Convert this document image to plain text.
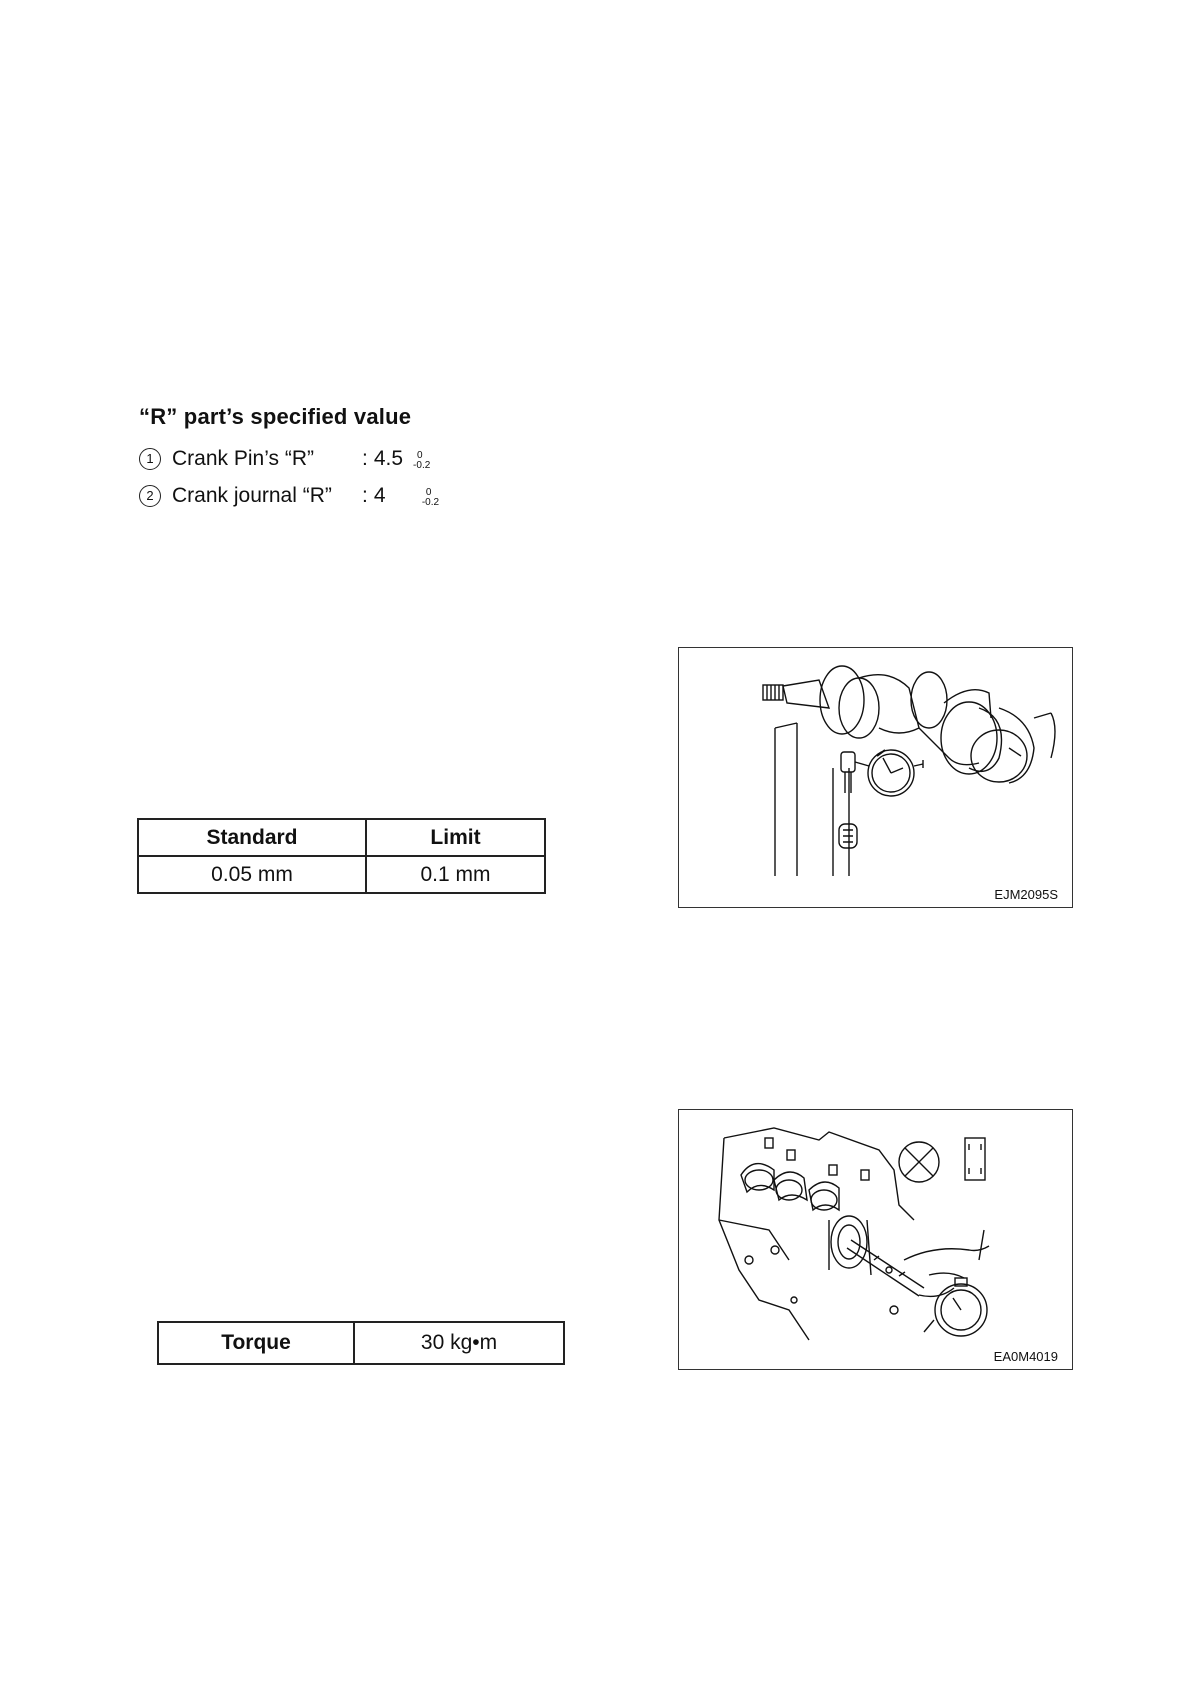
“R” part’s specified value
1 Crank Pin’s “R”	: 4.5	0
-0.2
2 Crank journal “R”	: 4	0
-0.2
Standard	Limit
0.05 mm	0.1 mm
Torque	30 kg•m
EJM2095S
EA0M4019
